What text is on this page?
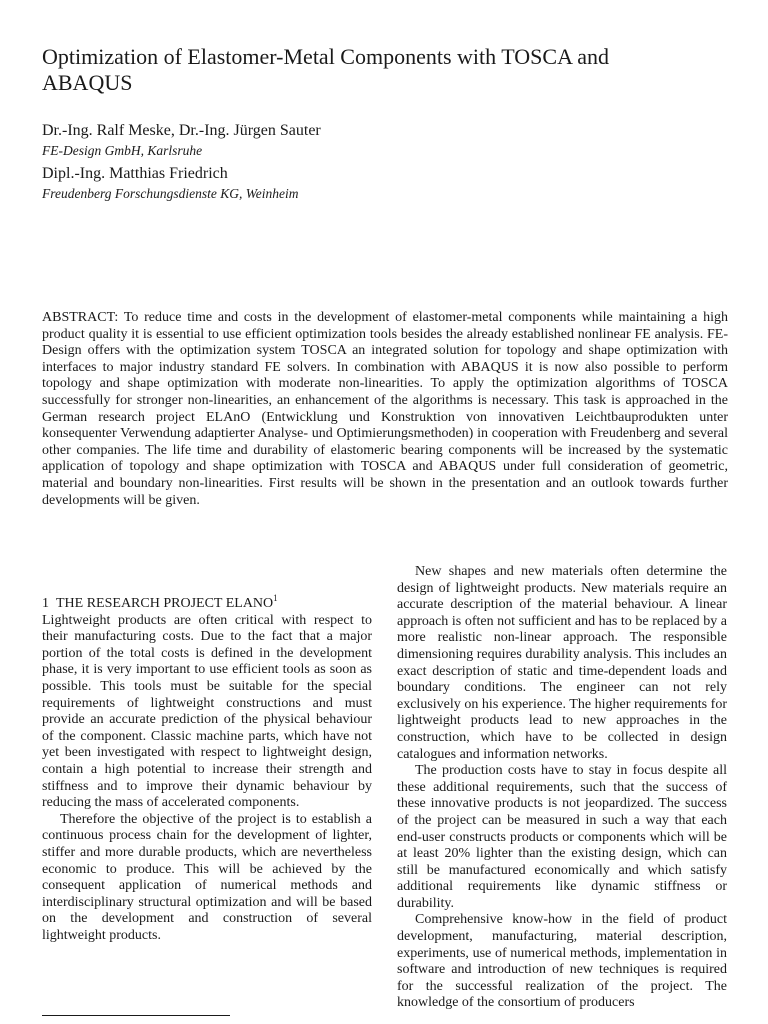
Optimization of Elastomer-Metal Components with TOSCA and ABAQUS

Dr.-Ing. Ralf Meske, Dr.-Ing. Jürgen Sauter

FE-Design GmbH, Karlsruhe

Dipl.-Ing. Matthias Friedrich

Freudenberg Forschungsdienste KG, Weinheim

ABSTRACT: To reduce time and costs in the development of elastomer-metal components while maintaining a high product quality it is essential to use efficient optimization tools besides the already established nonlinear FE analysis. FE-Design offers with the optimization system TOSCA an integrated solution for topology and shape optimization with interfaces to major industry standard FE solvers. In combination with ABAQUS it is now also possible to perform topology and shape optimization with moderate non-linearities. To apply the optimization algorithms of TOSCA successfully for stronger non-linearities, an enhancement of the algorithms is necessary. This task is approached in the German research project ELAnO (Entwicklung und Konstruktion von innovativen Leichtbauprodukten unter konsequenter Verwendung adaptierter Analyse- und Optimierungsmethoden) in cooperation with Freudenberg and several other companies. The life time and durability of elastomeric bearing components will be increased by the systematic application of topology and shape optimization with TOSCA and ABAQUS under full consideration of geometric, material and boundary non-linearities. First results will be shown in the presentation and an outlook towards further developments will be given.

1 THE RESEARCH PROJECT ELANO$^1$

Lightweight products are often critical with respect to their manufacturing costs. Due to the fact that a major portion of the total costs is defined in the development phase, it is very important to use efficient tools as soon as possible. This tools must be suitable for the special requirements of lightweight constructions and must provide an accurate prediction of the physical behaviour of the component. Classic machine parts, which have not yet been investigated with respect to lightweight design, contain a high potential to increase their strength and stiffness and to improve their dynamic behaviour by reducing the mass of accelerated components.

Therefore the objective of the project is to establish a continuous process chain for the development of lighter, stiffer and more durable products, which are nevertheless economic to produce. This will be achieved by the consequent application of numerical methods and interdisciplinary structural optimization and will be based on the development and construction of several lightweight products.

New shapes and new materials often determine the design of lightweight products. New materials require an accurate description of the material behaviour. A linear approach is often not sufficient and has to be replaced by a more realistic non-linear approach. The responsible dimensioning requires durability analysis. This includes an exact description of static and time-dependent loads and boundary conditions. The engineer can not rely exclusively on his experience. The higher requirements for lightweight products lead to new approaches in the construction, which have to be collected in design catalogues and information networks.

The production costs have to stay in focus despite all these additional requirements, such that the success of these innovative products is not jeopardized. The success of the project can be measured in such a way that each end-user constructs products or components which will be at least 20% lighter than the existing design, which can still be manufactured economically and which satisfy additional requirements like dynamic stiffness or durability.

Comprehensive know-how in the field of product development, manufacturing, material description, experiments, use of numerical methods, implementation in software and introduction of new techniques is required for the successful realization of the project. The knowledge of the consortium of producers
